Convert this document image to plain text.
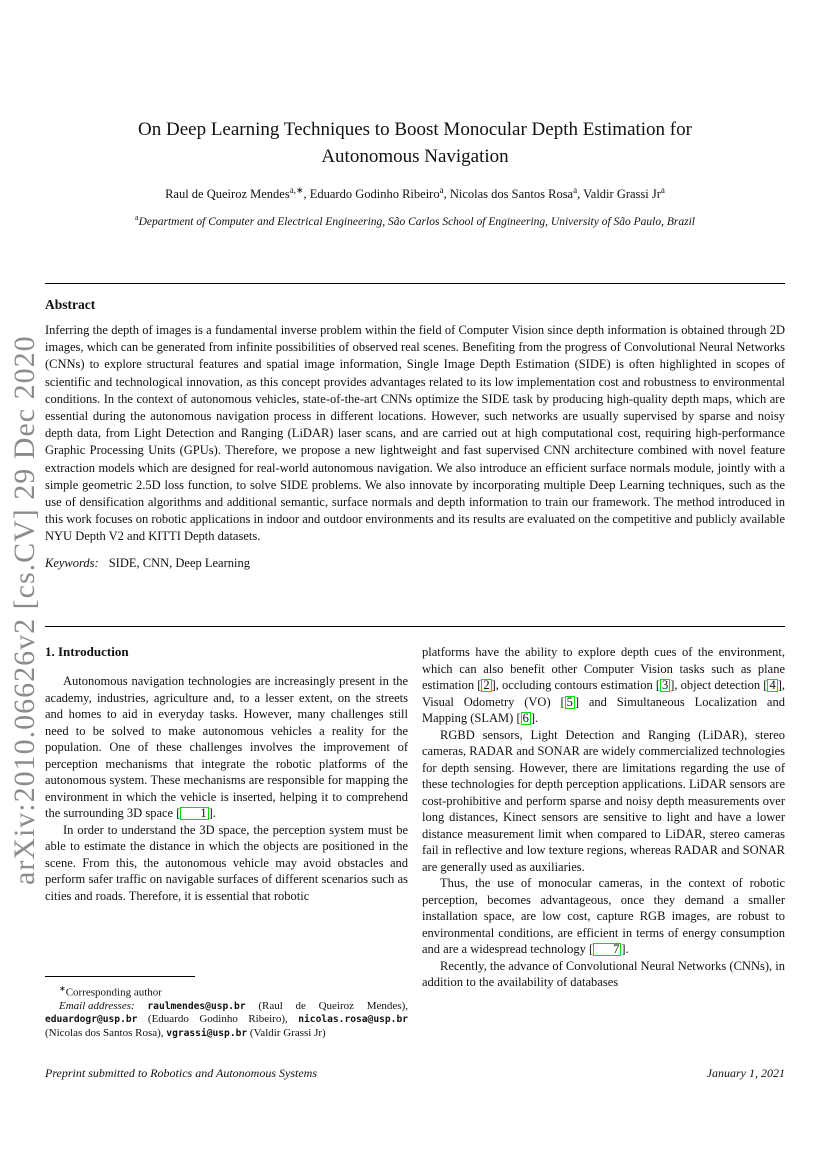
arXiv:2010.06626v2 [cs.CV] 29 Dec 2020
On Deep Learning Techniques to Boost Monocular Depth Estimation for Autonomous Navigation
Raul de Queiroz Mendes$^{a,∗}$, Eduardo Godinho Ribeiro$^a$, Nicolas dos Santos Rosa$^a$, Valdir Grassi Jr$^a$
$^a$Department of Computer and Electrical Engineering, São Carlos School of Engineering, University of São Paulo, Brazil
Abstract
Inferring the depth of images is a fundamental inverse problem within the field of Computer Vision since depth information is obtained through 2D images, which can be generated from infinite possibilities of observed real scenes. Benefiting from the progress of Convolutional Neural Networks (CNNs) to explore structural features and spatial image information, Single Image Depth Estimation (SIDE) is often highlighted in scopes of scientific and technological innovation, as this concept provides advantages related to its low implementation cost and robustness to environmental conditions. In the context of autonomous vehicles, state-of-the-art CNNs optimize the SIDE task by producing high-quality depth maps, which are essential during the autonomous navigation process in different locations. However, such networks are usually supervised by sparse and noisy depth data, from Light Detection and Ranging (LiDAR) laser scans, and are carried out at high computational cost, requiring high-performance Graphic Processing Units (GPUs). Therefore, we propose a new lightweight and fast supervised CNN architecture combined with novel feature extraction models which are designed for real-world autonomous navigation. We also introduce an efficient surface normals module, jointly with a simple geometric 2.5D loss function, to solve SIDE problems. We also innovate by incorporating multiple Deep Learning techniques, such as the use of densification algorithms and additional semantic, surface normals and depth information to train our framework. The method introduced in this work focuses on robotic applications in indoor and outdoor environments and its results are evaluated on the competitive and publicly available NYU Depth V2 and KITTI Depth datasets.
Keywords: SIDE, CNN, Deep Learning
1. Introduction

Autonomous navigation technologies are increasingly present in the academy, industries, agriculture and, to a lesser extent, on the streets and homes to aid in everyday tasks. However, many challenges still need to be solved to make autonomous vehicles a reality for the population. One of these challenges involves the improvement of perception mechanisms that integrate the robotic platforms of the autonomous system. These mechanisms are responsible for mapping the environment in which the vehicle is inserted, helping it to comprehend the surrounding 3D space [ 1 ].

In order to understand the 3D space, the perception system must be able to estimate the distance in which the objects are positioned in the scene. From this, the autonomous vehicle may avoid obstacles and perform safer traffic on navigable surfaces of different scenarios such as cities and roads. Therefore, it is essential that robotic

platforms have the ability to explore depth cues of the environment, which can also benefit other Computer Vision tasks such as plane estimation [ 2 ], occluding contours estimation [ 3 ], object detection [ 4 ], Visual Odometry (VO) [ 5 ] and Simultaneous Localization and Mapping (SLAM) [ 6 ].

RGBD sensors, Light Detection and Ranging (LiDAR), stereo cameras, RADAR and SONAR are widely commercialized technologies for depth sensing. However, there are limitations regarding the use of these technologies for depth perception applications. LiDAR sensors are cost-prohibitive and perform sparse and noisy depth measurements over long distances, Kinect sensors are sensitive to light and have a lower distance measurement limit when compared to LiDAR, stereo cameras fail in reflective and low texture regions, whereas RADAR and SONAR are generally used as auxiliaries.

Thus, the use of monocular cameras, in the context of robotic perception, becomes advantageous, once they demand a smaller installation space, are low cost, capture RGB images, are robust to environmental conditions, are efficient in terms of energy consumption and are a widespread technology [ 7 ].

Recently, the advance of Convolutional Neural Networks (CNNs), in addition to the availability of databases

∗Corresponding author
Email addresses: raulmendes@usp.br (Raul de Queiroz Mendes), eduardogr@usp.br (Eduardo Godinho Ribeiro), nicolas.rosa@usp.br (Nicolas dos Santos Rosa), vgrassi@usp.br (Valdir Grassi Jr)
Preprint submitted to Robotics and Autonomous Systems	January 1, 2021
